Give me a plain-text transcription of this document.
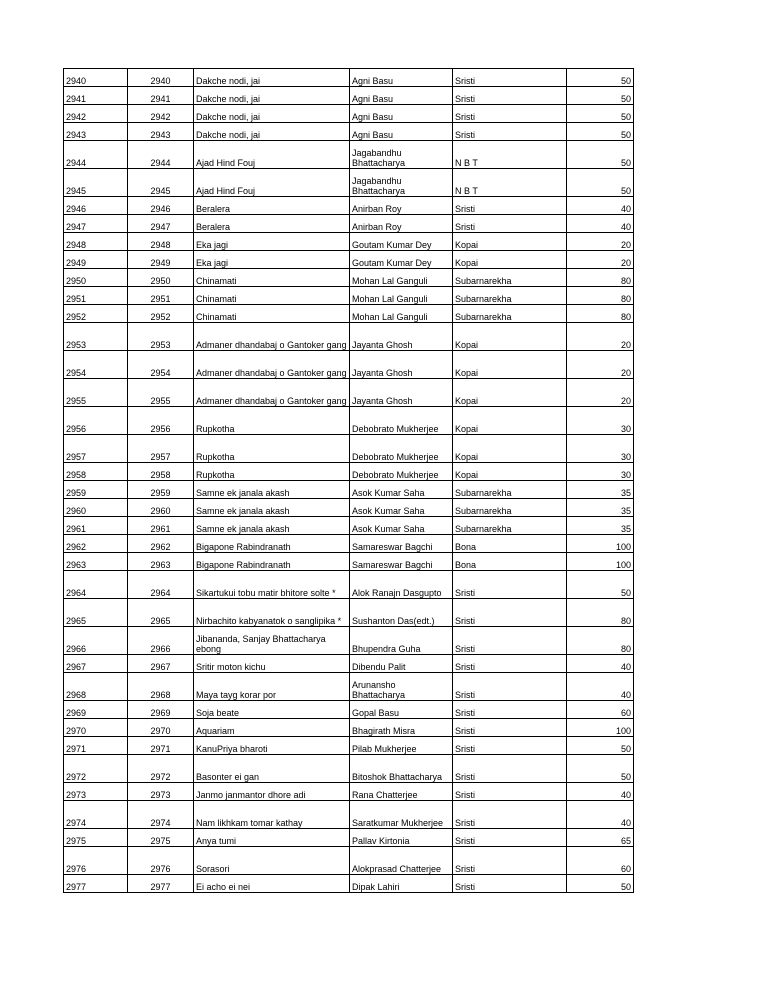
2940	2940	Dakche nodi, jai	Agni Basu	Sristi	50
2941	2941	Dakche nodi, jai	Agni Basu	Sristi	50
2942	2942	Dakche nodi, jai	Agni Basu	Sristi	50
2943	2943	Dakche nodi, jai	Agni Basu	Sristi	50
2944	2944	Ajad Hind Fouj	Jagabandhu Bhattacharya	N B T	50
2945	2945	Ajad Hind Fouj	Jagabandhu Bhattacharya	N B T	50
2946	2946	Beralera	Anirban Roy	Sristi	40
2947	2947	Beralera	Anirban Roy	Sristi	40
2948	2948	Eka jagi	Goutam Kumar Dey	Kopai	20
2949	2949	Eka jagi	Goutam Kumar Dey	Kopai	20
2950	2950	Chinamati	Mohan Lal Ganguli	Subarnarekha	80
2951	2951	Chinamati	Mohan Lal Ganguli	Subarnarekha	80
2952	2952	Chinamati	Mohan Lal Ganguli	Subarnarekha	80
2953	2953	Admaner dhandabaj o Gantoker gang	Jayanta Ghosh	Kopai	20
2954	2954	Admaner dhandabaj o Gantoker gang	Jayanta Ghosh	Kopai	20
2955	2955	Admaner dhandabaj o Gantoker gang	Jayanta Ghosh	Kopai	20
2956	2956	Rupkotha	Debobrato Mukherjee	Kopai	30
2957	2957	Rupkotha	Debobrato Mukherjee	Kopai	30
2958	2958	Rupkotha	Debobrato Mukherjee	Kopai	30
2959	2959	Samne ek janala akash	Asok Kumar Saha	Subarnarekha	35
2960	2960	Samne ek janala akash	Asok Kumar Saha	Subarnarekha	35
2961	2961	Samne ek janala akash	Asok Kumar Saha	Subarnarekha	35
2962	2962	Bigapone Rabindranath	Samareswar Bagchi	Bona	100
2963	2963	Bigapone Rabindranath	Samareswar Bagchi	Bona	100
2964	2964	Sikartukui tobu matir bhitore solte *	Alok Ranajn Dasgupto	Sristi	50
2965	2965	Nirbachito kabyanatok o sanglipika *	Sushanton Das(edt.)	Sristi	80
2966	2966	Jibananda, Sanjay Bhattacharya ebong	Bhupendra Guha	Sristi	80
2967	2967	Sritir moton kichu	Dibendu Palit	Sristi	40
2968	2968	Maya tayg korar por	Arunansho Bhattacharya	Sristi	40
2969	2969	Soja beate	Gopal Basu	Sristi	60
2970	2970	Aquariam	Bhagirath Misra	Sristi	100
2971	2971	KanuPriya bharoti	Pilab Mukherjee	Sristi	50
2972	2972	Basonter ei gan	Bitoshok Bhattacharya	Sristi	50
2973	2973	Janmo janmantor dhore adi	Rana Chatterjee	Sristi	40
2974	2974	Nam likhkam tomar kathay	Saratkumar Mukherjee	Sristi	40
2975	2975	Anya tumi	Pallav Kirtonia	Sristi	65
2976	2976	Sorasori	Alokprasad Chatterjee	Sristi	60
2977	2977	Ei acho ei nei	Dipak Lahiri	Sristi	50
